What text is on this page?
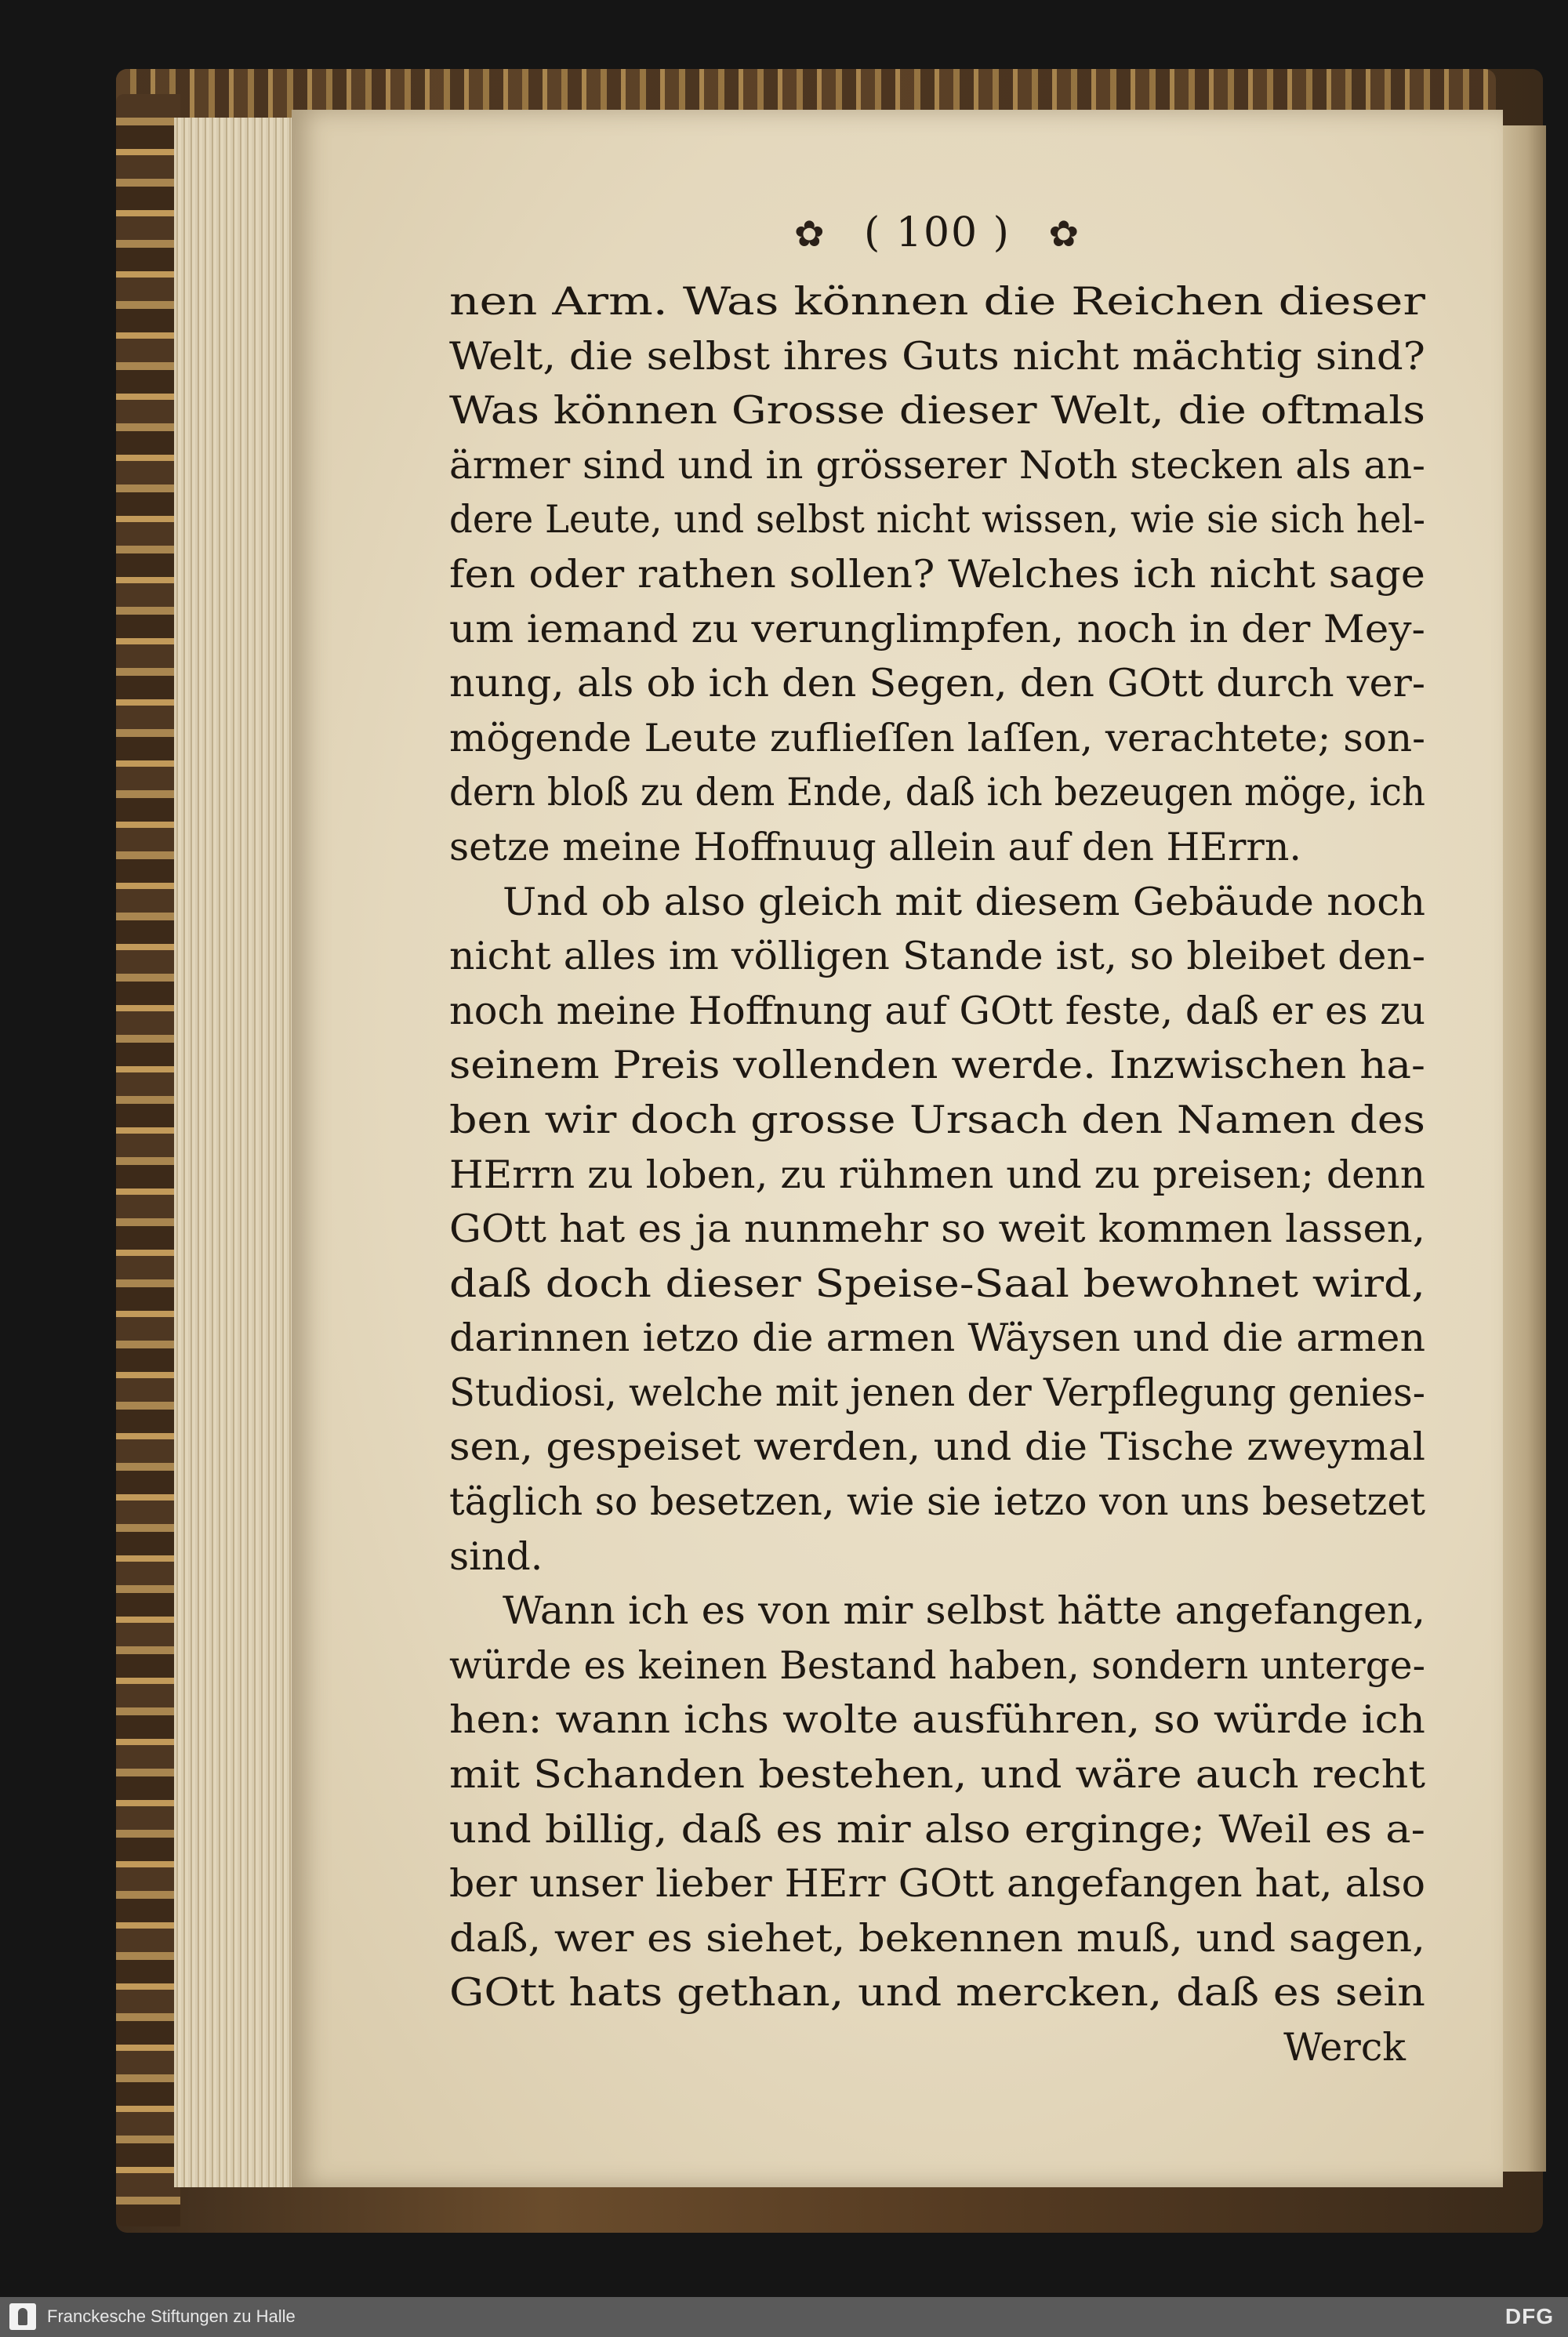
✿ ( 100 ) ✿
nen Arm. Was können die Reichen dieser
Welt, die selbst ihres Guts nicht mächtig sind?
Was können Grosse dieser Welt, die oftmals
ärmer sind und in grösserer Noth stecken als an-
dere Leute, und selbst nicht wissen, wie sie sich hel-
fen oder rathen sollen? Welches ich nicht sage
um iemand zu verunglimpfen, noch in der Mey-
nung, als ob ich den Segen, den GOtt durch ver-
mögende Leute zuflieſſen laſſen, verachtete; son-
dern bloß zu dem Ende, daß ich bezeugen möge, ich
setze meine Hoffnuug allein auf den HErrn.
Und ob also gleich mit diesem Gebäude noch
nicht alles im völligen Stande ist, so bleibet den-
noch meine Hoffnung auf GOtt feste, daß er es zu
seinem Preis vollenden werde. Inzwischen ha-
ben wir doch grosse Ursach den Namen des
HErrn zu loben, zu rühmen und zu preisen; denn
GOtt hat es ja nunmehr so weit kommen lassen,
daß doch dieser Speise-Saal bewohnet wird,
darinnen ietzo die armen Wäysen und die armen
Studiosi, welche mit jenen der Verpflegung genies-
sen, gespeiset werden, und die Tische zweymal
täglich so besetzen, wie sie ietzo von uns besetzet
sind.
Wann ich es von mir selbst hätte angefangen,
würde es keinen Bestand haben, sondern unterge-
hen: wann ichs wolte ausführen, so würde ich
mit Schanden bestehen, und wäre auch recht
und billig, daß es mir also erginge; Weil es a-
ber unser lieber HErr GOtt angefangen hat, also
daß, wer es siehet, bekennen muß, und sagen,
GOtt hats gethan, und mercken, daß es sein
Werck
Franckesche Stiftungen zu Halle	DFG
